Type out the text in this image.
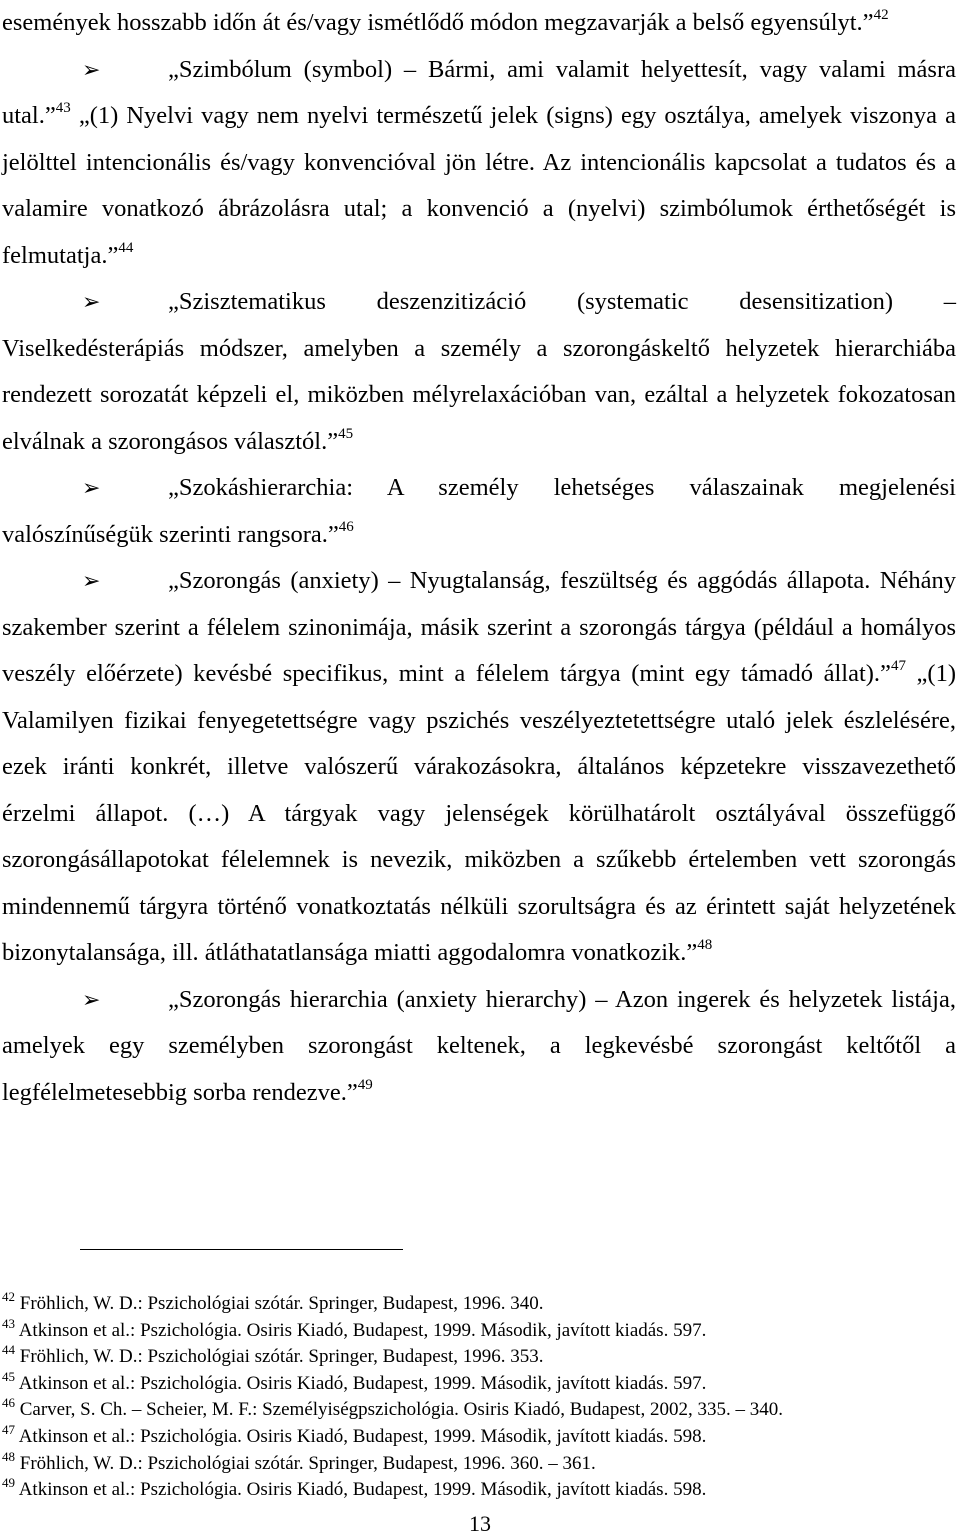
események hosszabb időn át és/vagy ismétlődő módon megzavarják a belső egyensúlyt.”$^{42}$

➢	„Szimbólum (symbol) – Bármi, ami valamit helyettesít, vagy valami másra utal.”$^{43}$ „(1) Nyelvi vagy nem nyelvi természetű jelek (signs) egy osztálya, amelyek viszonya a jelölttel intencionális és/vagy konvencióval jön létre. Az intencionális kapcsolat a tudatos és a valamire vonatkozó ábrázolásra utal; a konvenció a (nyelvi) szimbólumok érthetőségét is felmutatja.”$^{44}$

➢	„Szisztematikus deszenzitizáció (systematic desensitization) – Viselkedésterápiás módszer, amelyben a személy a szorongáskeltő helyzetek hierarchiába rendezett sorozatát képzeli el, miközben mélyrelaxációban van, ezáltal a helyzetek fokozatosan elválnak a szorongásos választól.”$^{45}$

➢	„Szokáshierarchia: A személy lehetséges válaszainak megjelenési valószínűségük szerinti rangsora.”$^{46}$

➢	„Szorongás (anxiety) – Nyugtalanság, feszültség és aggódás állapota. Néhány szakember szerint a félelem szinonimája, másik szerint a szorongás tárgya (például a homályos veszély előérzete) kevésbé specifikus, mint a félelem tárgya (mint egy támadó állat).”$^{47}$ „(1) Valamilyen fizikai fenyegetettségre vagy pszichés veszélyeztetettségre utaló jelek észlelésére, ezek iránti konkrét, illetve valószerű várakozásokra, általános képzetekre visszavezethető érzelmi állapot. (…) A tárgyak vagy jelenségek körülhatárolt osztályával összefüggő szorongásállapotokat félelemnek is nevezik, miközben a szűkebb értelemben vett szorongás mindennemű tárgyra történő vonatkoztatás nélküli szorultságra és az érintett saját helyzetének bizonytalansága, ill. átláthatatlansága miatti aggodalomra vonatkozik.”$^{48}$

➢	„Szorongás hierarchia (anxiety hierarchy) – Azon ingerek és helyzetek listája, amelyek egy személyben szorongást keltenek, a legkevésbé szorongást keltőtől a legfélelmetesebbig sorba rendezve.”$^{49}$

$^{42}$ Fröhlich, W. D.: Pszichológiai szótár. Springer, Budapest, 1996. 340.
$^{43}$ Atkinson et al.: Pszichológia. Osiris Kiadó, Budapest, 1999. Második, javított kiadás. 597.
$^{44}$ Fröhlich, W. D.: Pszichológiai szótár. Springer, Budapest, 1996. 353.
$^{45}$ Atkinson et al.: Pszichológia. Osiris Kiadó, Budapest, 1999. Második, javított kiadás. 597.
$^{46}$ Carver, S. Ch. – Scheier, M. F.: Személyiségpszichológia. Osiris Kiadó, Budapest, 2002, 335. – 340.
$^{47}$ Atkinson et al.: Pszichológia. Osiris Kiadó, Budapest, 1999. Második, javított kiadás. 598.
$^{48}$ Fröhlich, W. D.: Pszichológiai szótár. Springer, Budapest, 1996. 360. – 361.
$^{49}$ Atkinson et al.: Pszichológia. Osiris Kiadó, Budapest, 1999. Második, javított kiadás. 598.
13
